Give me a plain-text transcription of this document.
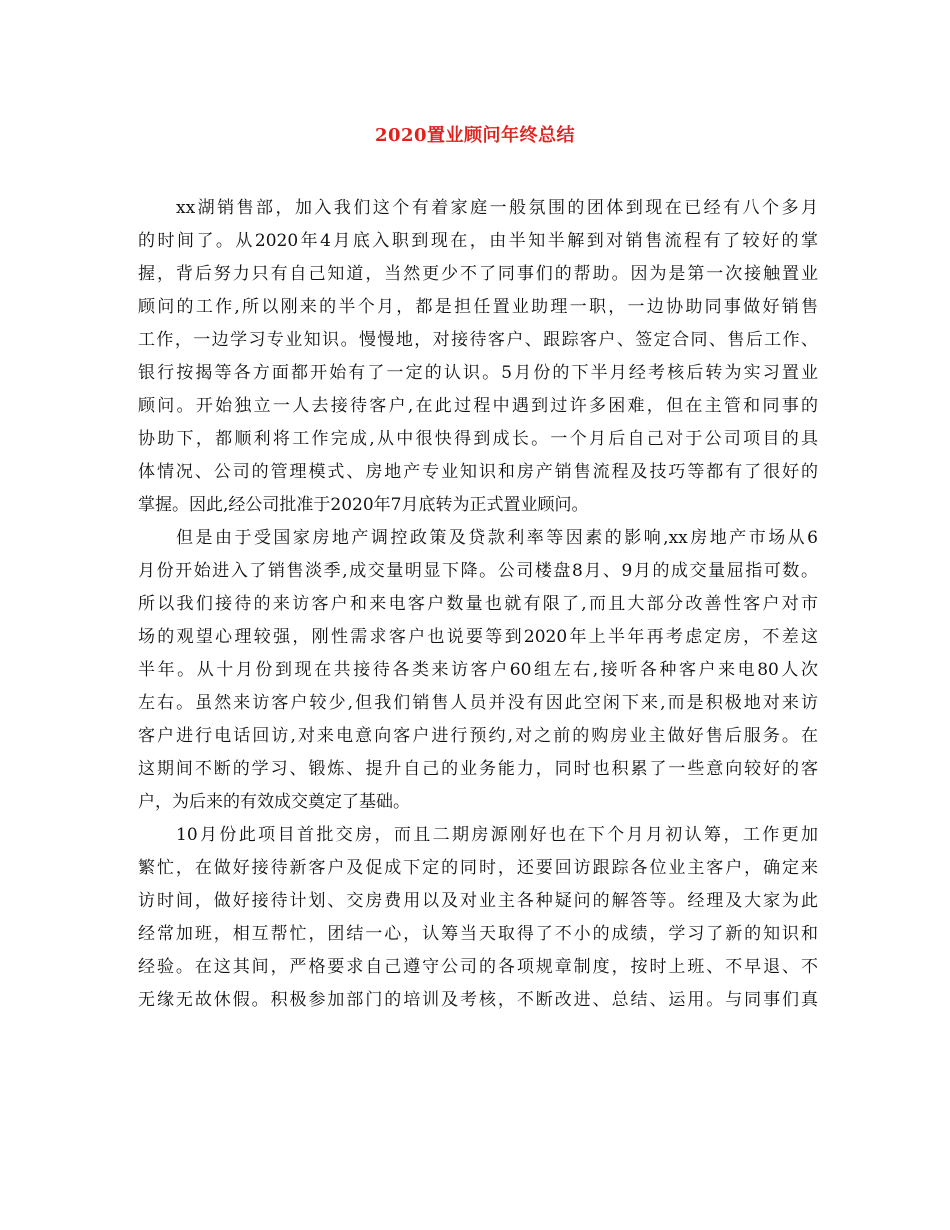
2020置业顾问年终总结
xx湖销售部，加入我们这个有着家庭一般氛围的团体到现在已经有八个多月
的时间了。从2020年4月底入职到现在，由半知半解到对销售流程有了较好的掌
握，背后努力只有自己知道，当然更少不了同事们的帮助。因为是第一次接触置业
顾问的工作,所以刚来的半个月，都是担任置业助理一职，一边协助同事做好销售
工作，一边学习专业知识。慢慢地，对接待客户、跟踪客户、签定合同、售后工作、
银行按揭等各方面都开始有了一定的认识。5月份的下半月经考核后转为实习置业
顾问。开始独立一人去接待客户,在此过程中遇到过许多困难，但在主管和同事的
协助下，都顺利将工作完成,从中很快得到成长。一个月后自己对于公司项目的具
体情况、公司的管理模式、房地产专业知识和房产销售流程及技巧等都有了很好的
掌握。因此,经公司批准于2020年7月底转为正式置业顾问。
但是由于受国家房地产调控政策及贷款利率等因素的影响,xx房地产市场从6
月份开始进入了销售淡季,成交量明显下降。公司楼盘8月、9月的成交量屈指可数。
所以我们接待的来访客户和来电客户数量也就有限了,而且大部分改善性客户对市
场的观望心理较强，刚性需求客户也说要等到2020年上半年再考虑定房，不差这
半年。从十月份到现在共接待各类来访客户60组左右,接听各种客户来电80人次
左右。虽然来访客户较少,但我们销售人员并没有因此空闲下来,而是积极地对来访
客户进行电话回访,对来电意向客户进行预约,对之前的购房业主做好售后服务。在
这期间不断的学习、锻炼、提升自己的业务能力，同时也积累了一些意向较好的客
户，为后来的有效成交奠定了基础。
10月份此项目首批交房，而且二期房源刚好也在下个月月初认筹，工作更加
繁忙，在做好接待新客户及促成下定的同时，还要回访跟踪各位业主客户，确定来
访时间，做好接待计划、交房费用以及对业主各种疑问的解答等。经理及大家为此
经常加班，相互帮忙，团结一心，认筹当天取得了不小的成绩，学习了新的知识和
经验。在这其间，严格要求自己遵守公司的各项规章制度，按时上班、不早退、不
无缘无故休假。积极参加部门的培训及考核，不断改进、总结、运用。与同事们真
